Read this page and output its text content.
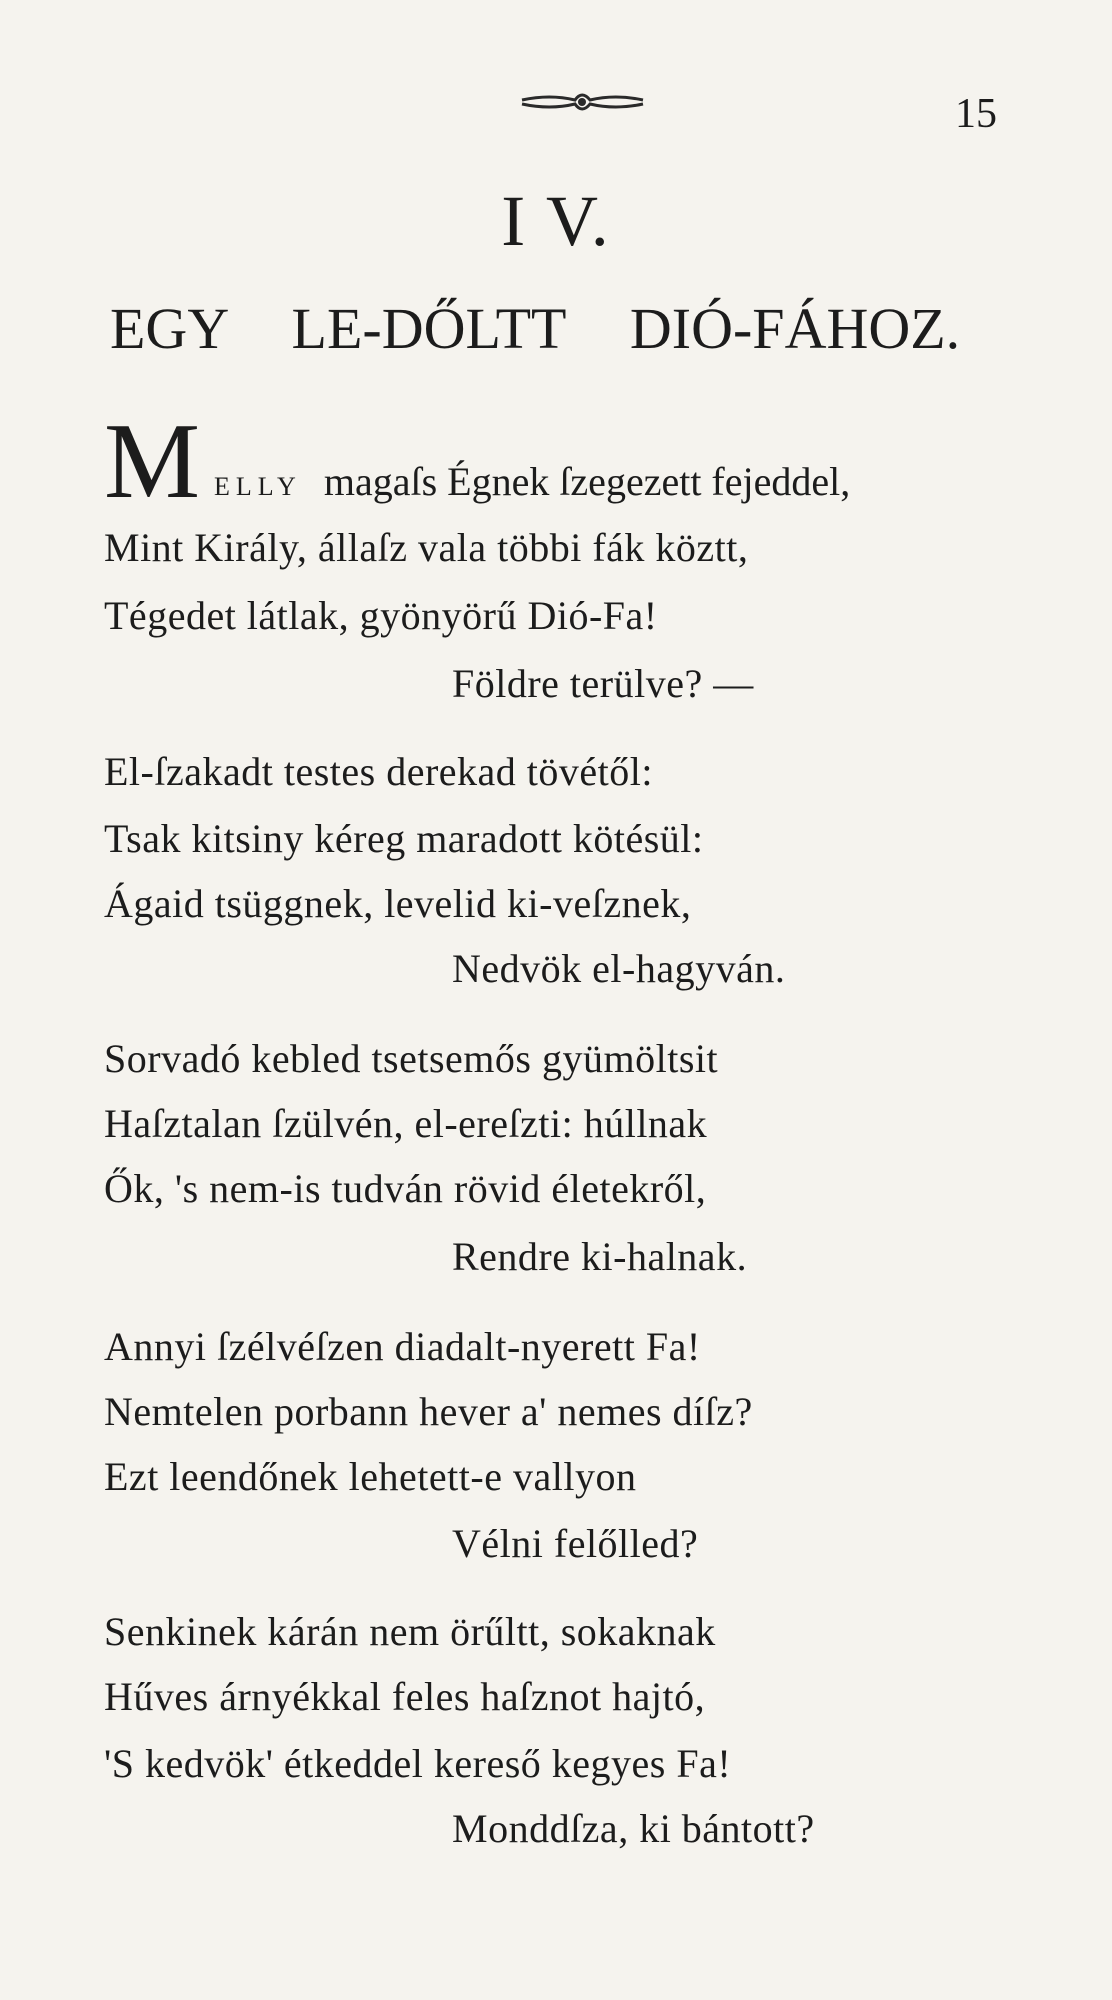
15
I V.
EGY LE-DŐLTT DIÓ-FÁHOZ.
M ELLY magaſs Égnek ſzegezett fejeddel,
Mint Király, állaſz vala többi fák köztt,
Tégedet látlak, gyönyörű Dió-Fa!
Földre terülve? —
El-ſzakadt testes derekad tövétől:
Tsak kitsiny kéreg maradott kötésül:
Ágaid tsüggnek, levelid ki-veſznek,
Nedvök el-hagyván.
Sorvadó kebled tsetsemős gyümöltsit
Haſztalan ſzülvén, el-ereſzti: húllnak
Ők, 's nem-is tudván rövid életekről,
Rendre ki-halnak.
Annyi ſzélvéſzen diadalt-nyerett Fa!
Nemtelen porbann hever a' nemes díſz?
Ezt leendőnek lehetett-e vallyon
Vélni felőlled?
Senkinek kárán nem örűltt, sokaknak
Hűves árnyékkal feles haſznot hajtó,
'S kedvök' étkeddel kereső kegyes Fa!
Monddſza, ki bántott?
